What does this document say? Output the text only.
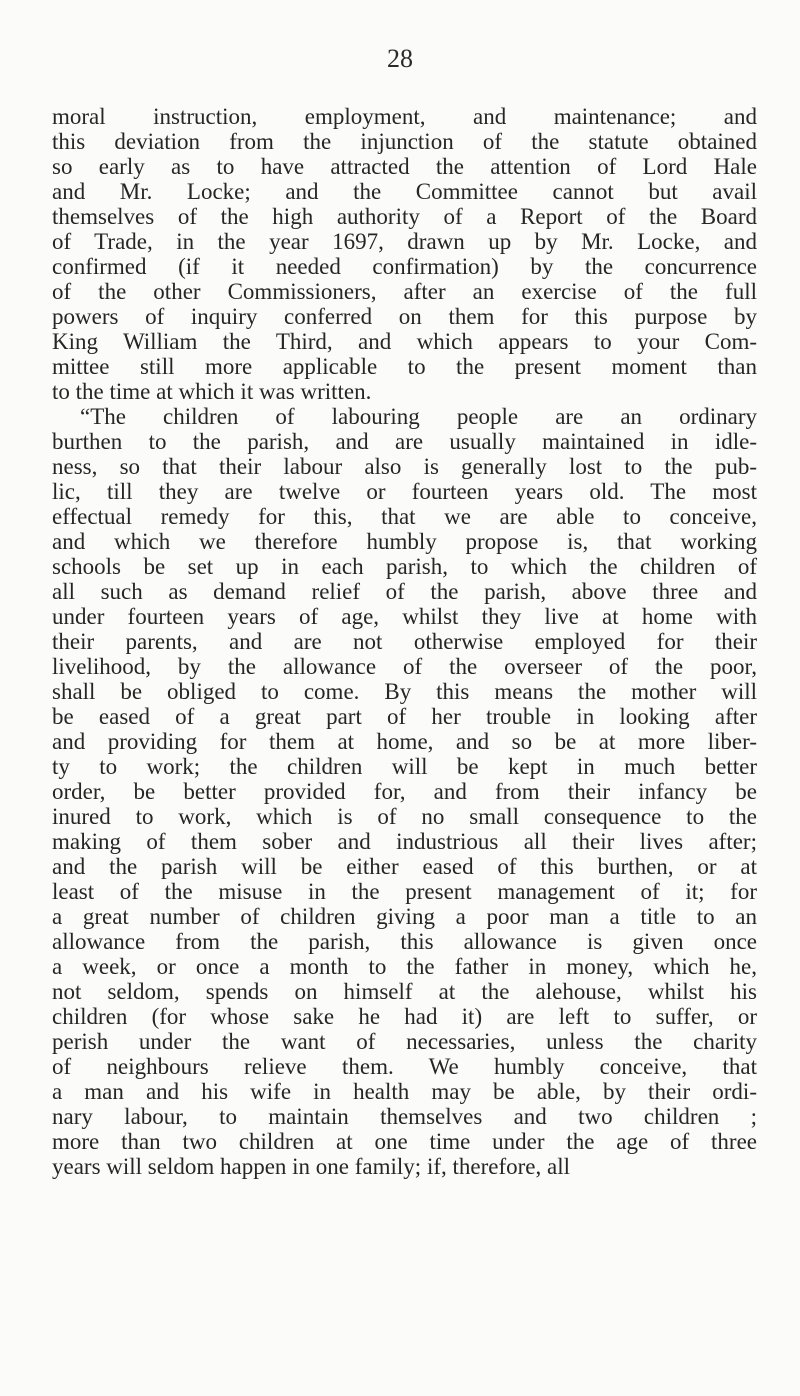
28
moral instruction, employment, and maintenance; and
this deviation from the injunction of the statute obtained
so early as to have attracted the attention of Lord Hale
and Mr. Locke; and the Committee cannot but avail
themselves of the high authority of a Report of the Board
of Trade, in the year 1697, drawn up by Mr. Locke, and
confirmed (if it needed confirmation) by the concurrence
of the other Commissioners, after an exercise of the full
powers of inquiry conferred on them for this purpose by
King William the Third, and which appears to your Com-
mittee still more applicable to the present moment than
to the time at which it was written.
“The children of labouring people are an ordinary
burthen to the parish, and are usually maintained in idle-
ness, so that their labour also is generally lost to the pub-
lic, till they are twelve or fourteen years old. The most
effectual remedy for this, that we are able to conceive,
and which we therefore humbly propose is, that working
schools be set up in each parish, to which the children of
all such as demand relief of the parish, above three and
under fourteen years of age, whilst they live at home with
their parents, and are not otherwise employed for their
livelihood, by the allowance of the overseer of the poor,
shall be obliged to come. By this means the mother will
be eased of a great part of her trouble in looking after
and providing for them at home, and so be at more liber-
ty to work; the children will be kept in much better
order, be better provided for, and from their infancy be
inured to work, which is of no small consequence to the
making of them sober and industrious all their lives after;
and the parish will be either eased of this burthen, or at
least of the misuse in the present management of it; for
a great number of children giving a poor man a title to an
allowance from the parish, this allowance is given once
a week, or once a month to the father in money, which he,
not seldom, spends on himself at the alehouse, whilst his
children (for whose sake he had it) are left to suffer, or
perish under the want of necessaries, unless the charity
of neighbours relieve them. We humbly conceive, that
a man and his wife in health may be able, by their ordi-
nary labour, to maintain themselves and two children ;
more than two children at one time under the age of three
years will seldom happen in one family; if, therefore, all
